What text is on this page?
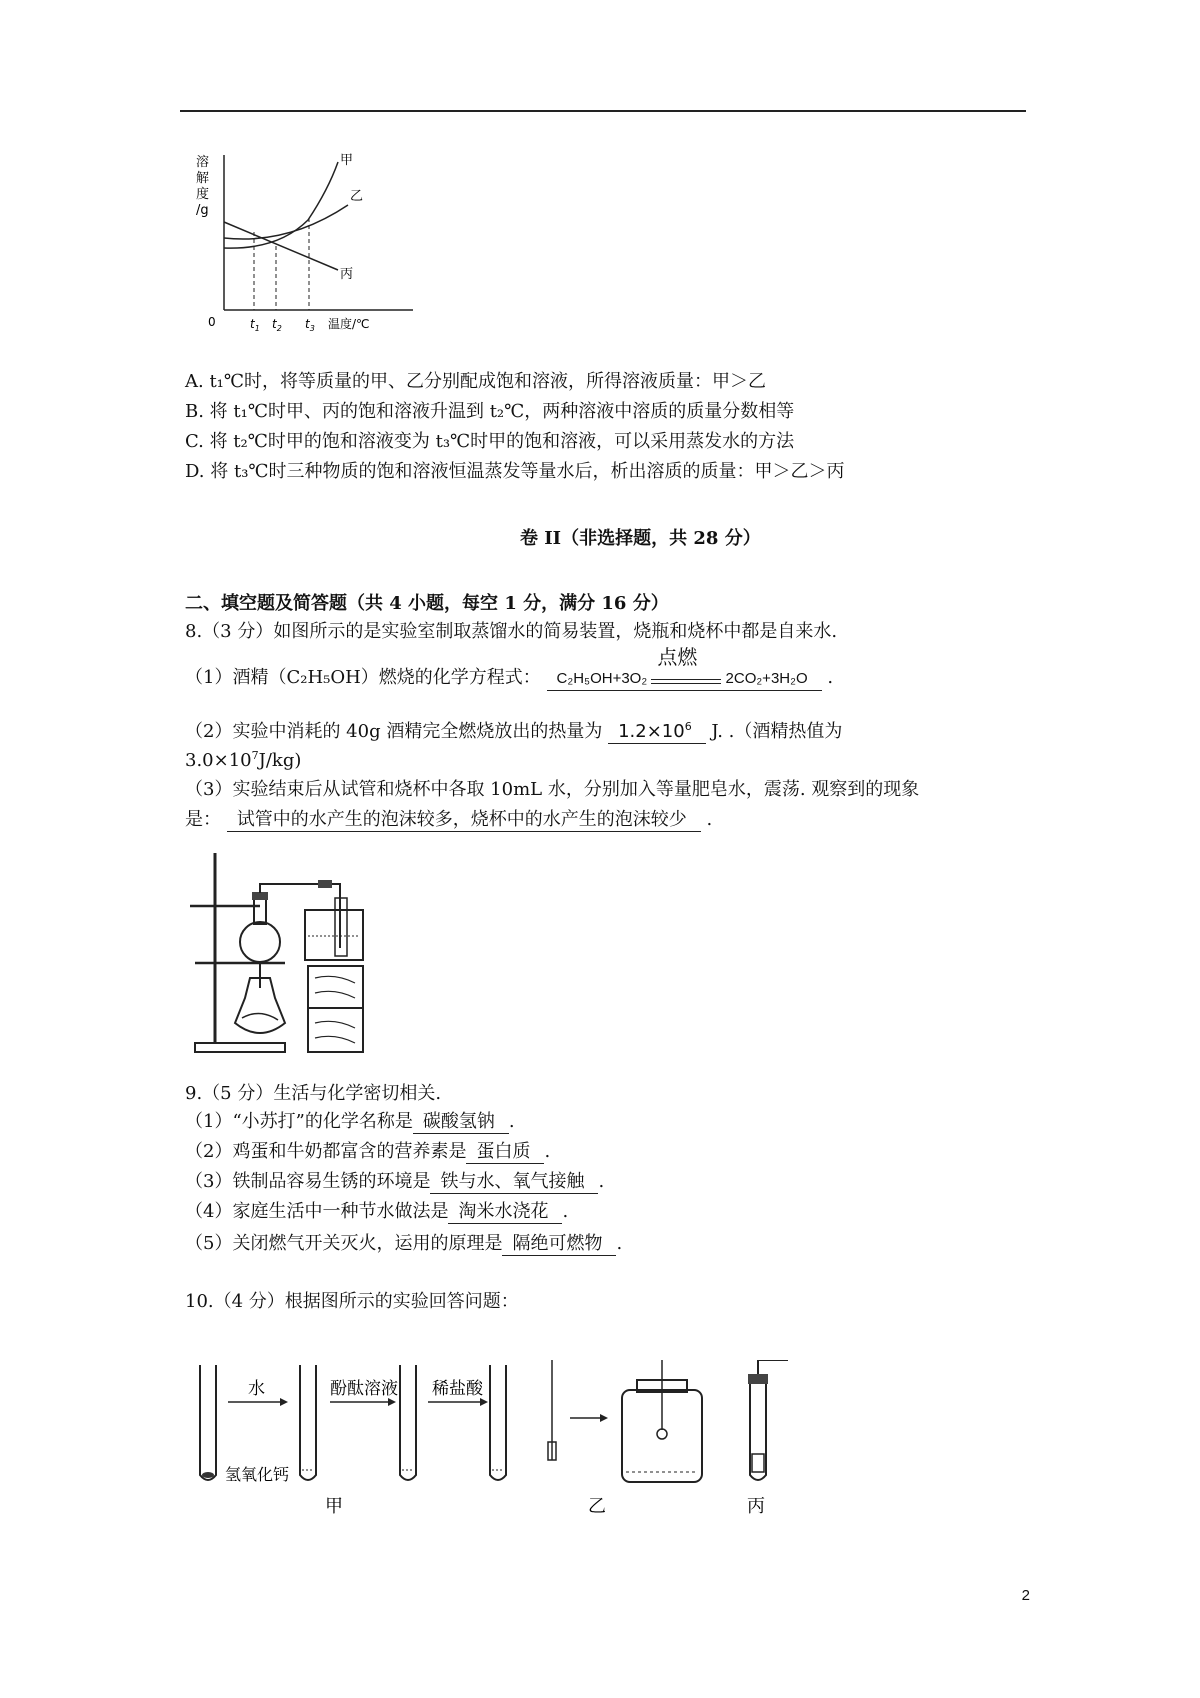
溶
解
度
/g
0	温度/℃
$t_1$ $t_2$ $t_3$
甲
乙
丙
A. t₁℃时，将等质量的甲、乙分别配成饱和溶液，所得溶液质量：甲＞乙
B. 将 t₁℃时甲、丙的饱和溶液升温到 t₂℃，两种溶液中溶质的质量分数相等
C. 将 t₂℃时甲的饱和溶液变为 t₃℃时甲的饱和溶液，可以采用蒸发水的方法
D. 将 t₃℃时三种物质的饱和溶液恒温蒸发等量水后，析出溶质的质量：甲＞乙＞丙
卷 II（非选择题，共 28 分）
二、填空题及简答题（共 4 小题，每空 1 分，满分 16 分）
8.（3 分）如图所示的是实验室制取蒸馏水的简易装置，烧瓶和烧杯中都是自来水.
（1）酒精（C₂H₅OH）燃烧的化学方程式： C₂H₅OH+3O₂
点燃
2CO₂+3H₂O .
（2）实验中消耗的 40g 酒精完全燃烧放出的热量为 $1.2\times 10^6$ J. .（酒精热值为
$3.0\times 10^7J/kg$)
（3）实验结束后从试管和烧杯中各取 10mL 水，分别加入等量肥皂水，震荡. 观察到的现象
是： 试管中的水产生的泡沫较多，烧杯中的水产生的泡沫较少 .
9.（5 分）生活与化学密切相关.
（1）“小苏打”的化学名称是 碳酸氢钠 .
（2）鸡蛋和牛奶都富含的营养素是 蛋白质 .
（3）铁制品容易生锈的环境是 铁与水、氧气接触 .
（4）家庭生活中一种节水做法是 淘米水浇花 .
（5）关闭燃气开关灭火，运用的原理是 隔绝可燃物 .
10.（4 分）根据图所示的实验回答问题：
水
氢氧化钙
酚酞溶液 稀盐酸
甲	乙	丙
2
